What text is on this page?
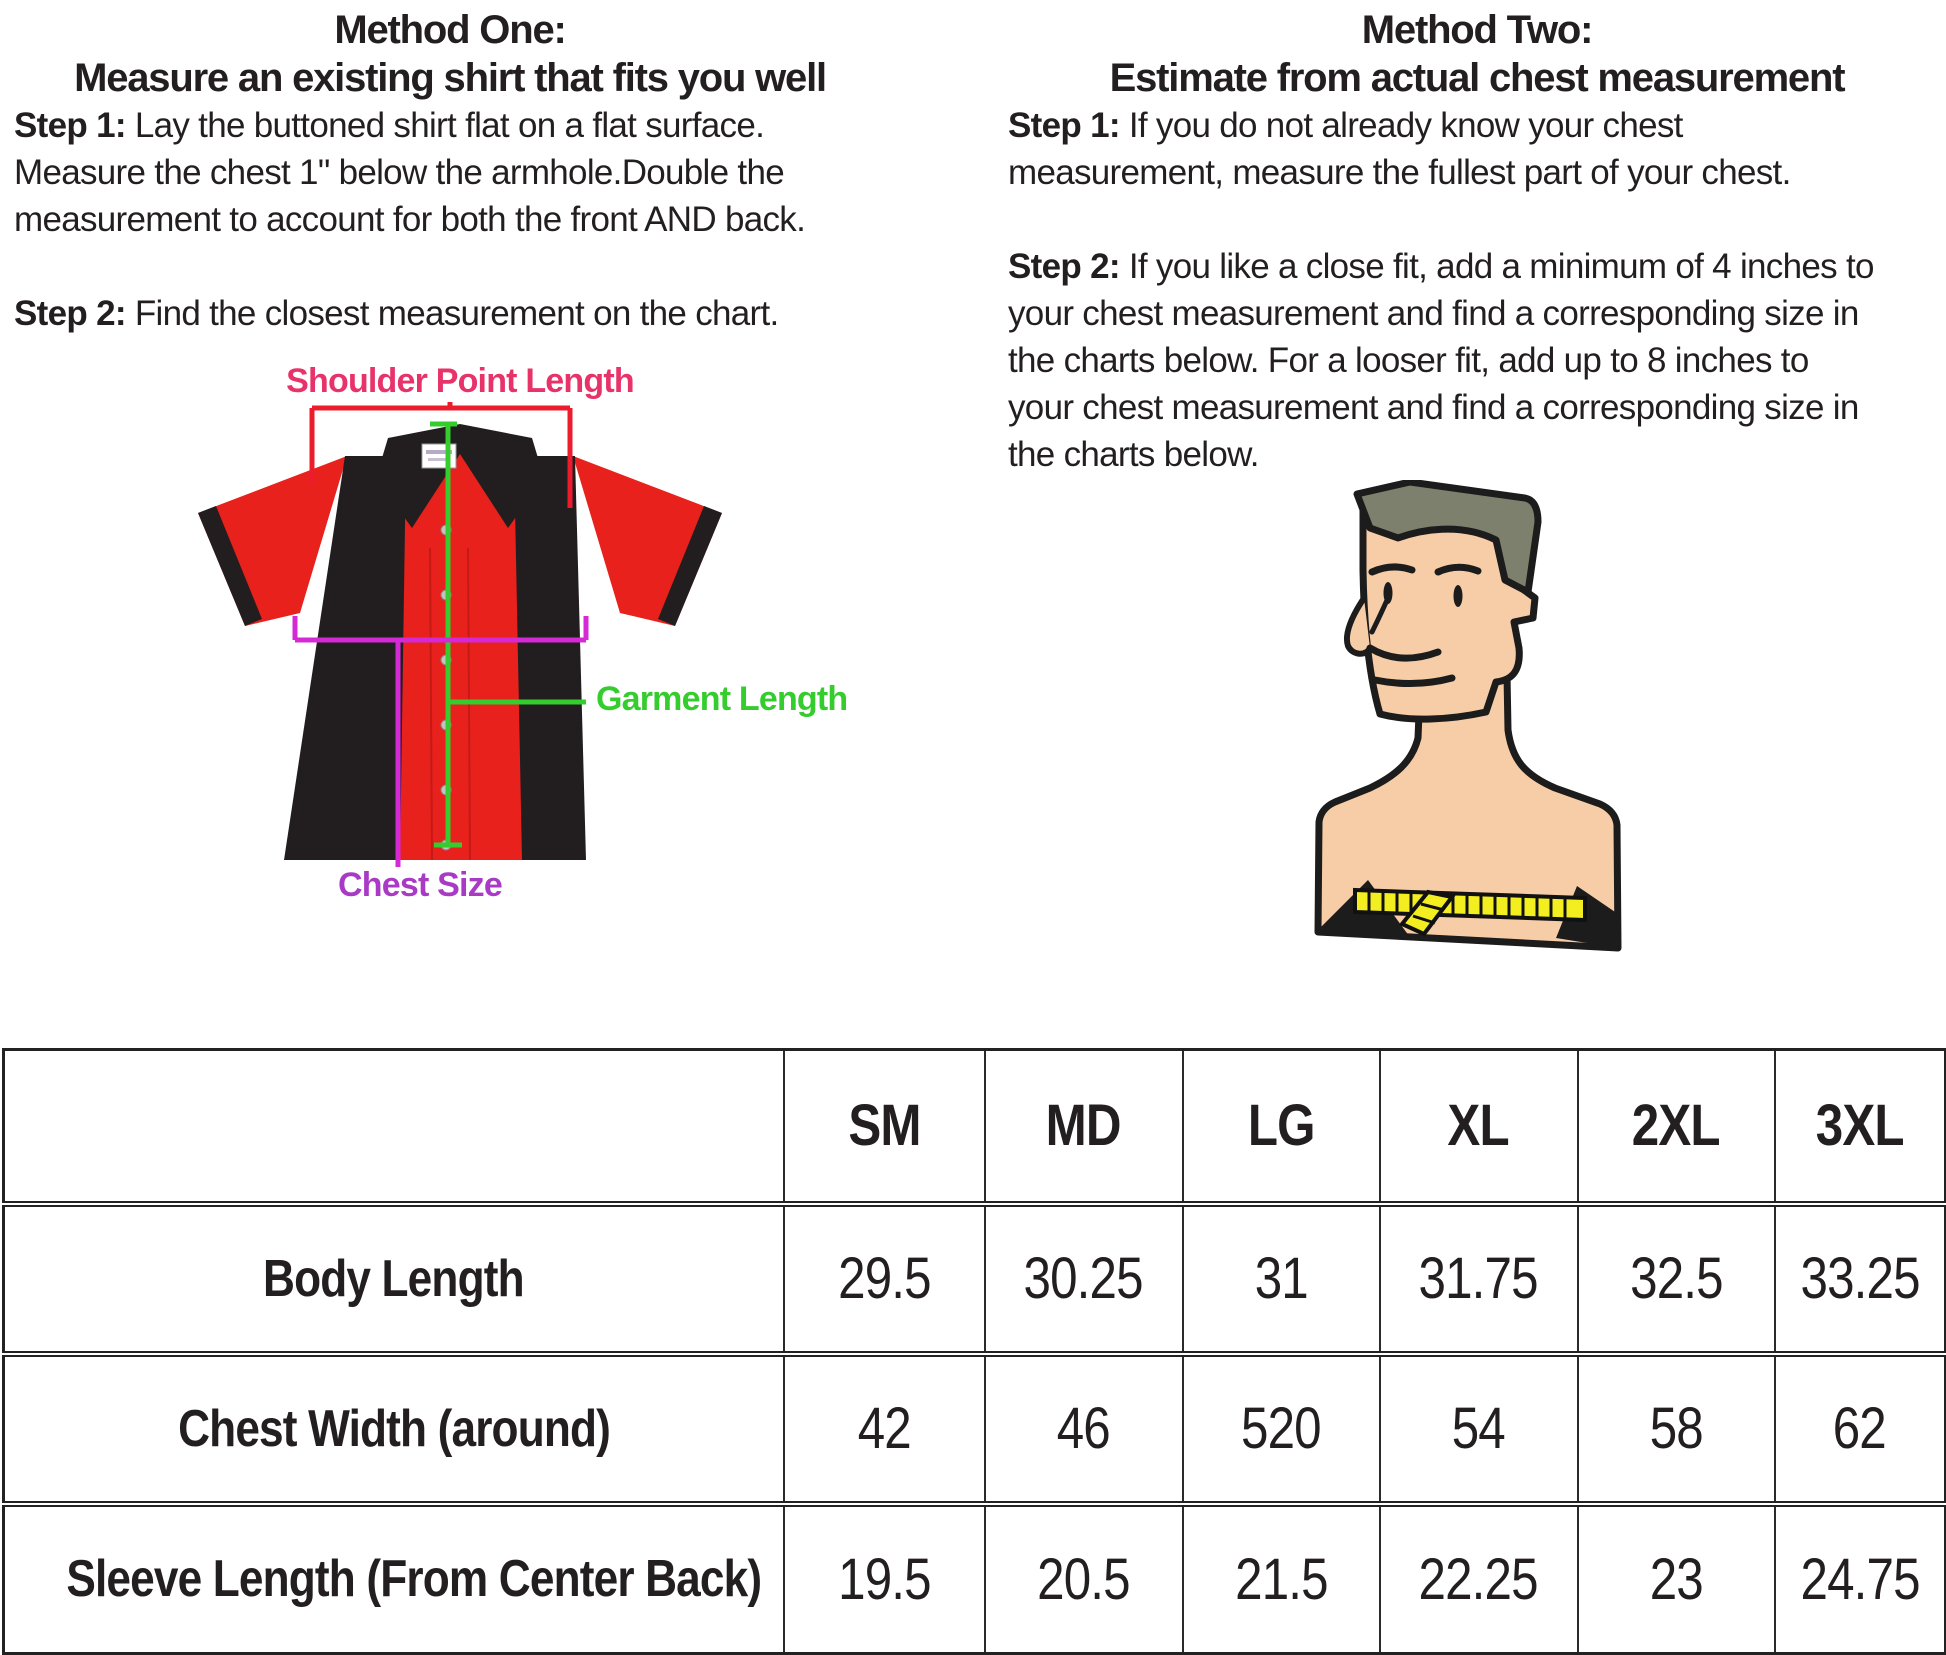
Method One:
Measure an existing shirt that fits you well
Step 1: Lay the buttoned shirt flat on a flat surface.
Measure the chest 1" below the armhole.Double the
measurement to account for both the front AND back.
Step 2: Find the closest measurement on the chart.
Method Two:
Estimate from actual chest measurement
Step 1: If you do not already know your chest
measurement, measure the fullest part of your chest.
Step 2: If you like a close fit, add a minimum of 4 inches to
your chest measurement and find a corresponding size in
the charts below. For a looser fit, add up to 8 inches to
your chest measurement and find a corresponding size in
the charts below.
Shoulder Point Length
Garment Length
Chest Size
	SM	MD	LG	XL	2XL	3XL
Body Length	29.5	30.25	31	31.75	32.5	33.25
Chest Width (around)	42	46	520	54	58	62
Sleeve Length (From Center Back)	19.5	20.5	21.5	22.25	23	24.75
